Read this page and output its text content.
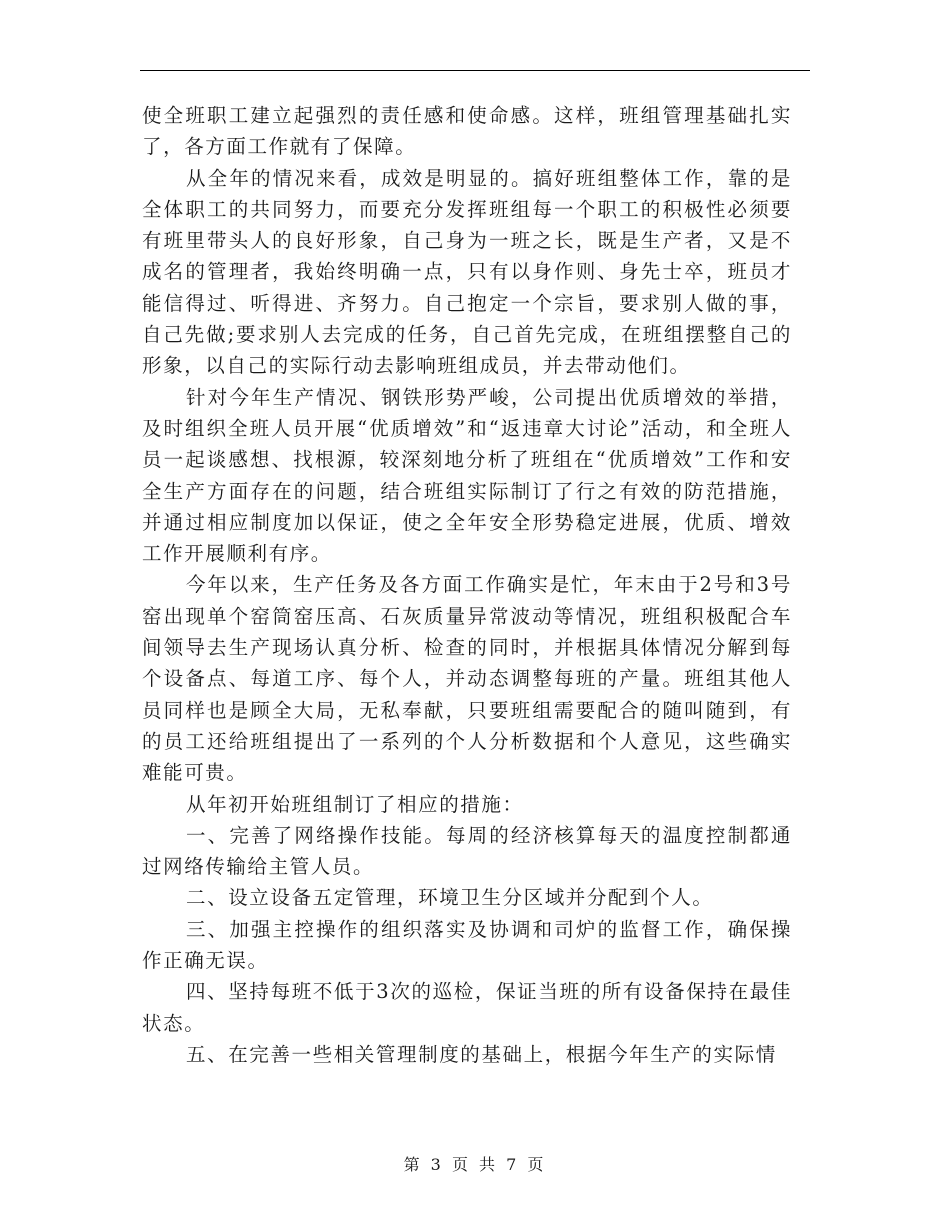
使全班职工建立起强烈的责任感和使命感。这样，班组管理基础扎实了，各方面工作就有了保障。

从全年的情况来看，成效是明显的。搞好班组整体工作，靠的是全体职工的共同努力，而要充分发挥班组每一个职工的积极性必须要有班里带头人的良好形象，自己身为一班之长，既是生产者，又是不成名的管理者，我始终明确一点，只有以身作则、身先士卒，班员才能信得过、听得进、齐努力。自己抱定一个宗旨，要求别人做的事，自己先做;要求别人去完成的任务，自己首先完成，在班组摆整自己的形象，以自己的实际行动去影响班组成员，并去带动他们。

针对今年生产情况、钢铁形势严峻，公司提出优质增效的举措，及时组织全班人员开展“优质增效”和“返违章大讨论”活动，和全班人员一起谈感想、找根源，较深刻地分析了班组在“优质增效”工作和安全生产方面存在的问题，结合班组实际制订了行之有效的防范措施，并通过相应制度加以保证，使之全年安全形势稳定进展，优质、增效工作开展顺利有序。

今年以来，生产任务及各方面工作确实是忙，年末由于2号和3号窑出现单个窑筒窑压高、石灰质量异常波动等情况，班组积极配合车间领导去生产现场认真分析、检查的同时，并根据具体情况分解到每个设备点、每道工序、每个人，并动态调整每班的产量。班组其他人员同样也是顾全大局，无私奉献，只要班组需要配合的随叫随到，有的员工还给班组提出了一系列的个人分析数据和个人意见，这些确实难能可贵。

从年初开始班组制订了相应的措施：

一、完善了网络操作技能。每周的经济核算每天的温度控制都通过网络传输给主管人员。

二、设立设备五定管理，环境卫生分区域并分配到个人。

三、加强主控操作的组织落实及协调和司炉的监督工作，确保操作正确无误。

四、坚持每班不低于3次的巡检，保证当班的所有设备保持在最佳状态。

五、在完善一些相关管理制度的基础上，根据今年生产的实际情

第 3 页 共 7 页
